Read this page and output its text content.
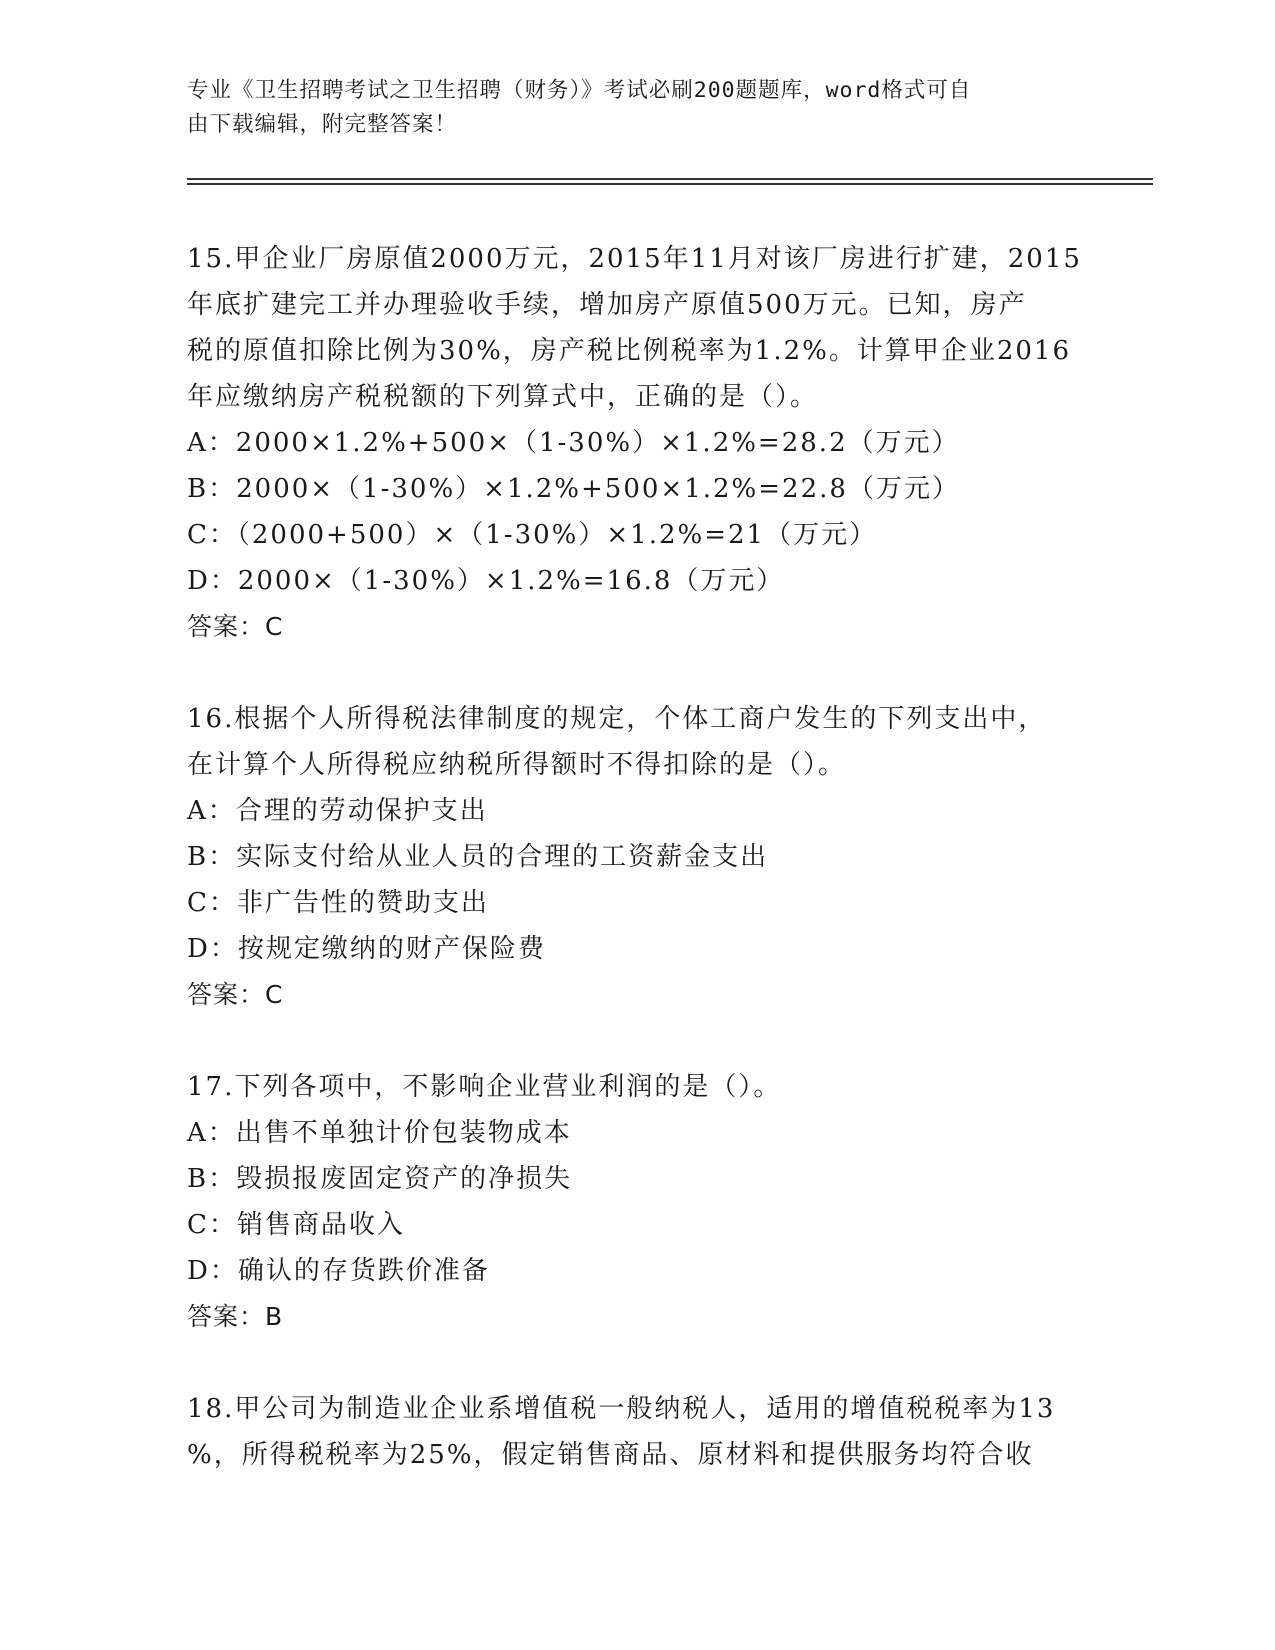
专业《卫生招聘考试之卫生招聘（财务）》考试必刷200题题库，word格式可自
由下载编辑，附完整答案！

15.甲企业厂房原值2000万元，2015年11月对该厂房进行扩建，2015

年底扩建完工并办理验收手续，增加房产原值500万元。已知，房产

税的原值扣除比例为30%，房产税比例税率为1.2%。计算甲企业2016

年应缴纳房产税税额的下列算式中，正确的是（）。

A：2000×1.2%+500×（1-30%）×1.2%=28.2（万元）

B：2000×（1-30%）×1.2%+500×1.2%=22.8（万元）

C：（2000+500）×（1-30%）×1.2%=21（万元）

D：2000×（1-30%）×1.2%=16.8（万元）

答案：C

16.根据个人所得税法律制度的规定，个体工商户发生的下列支出中，

在计算个人所得税应纳税所得额时不得扣除的是（）。

A：合理的劳动保护支出

B：实际支付给从业人员的合理的工资薪金支出

C：非广告性的赞助支出

D：按规定缴纳的财产保险费

答案：C

17.下列各项中，不影响企业营业利润的是（）。

A：出售不单独计价包装物成本

B：毁损报废固定资产的净损失

C：销售商品收入

D：确认的存货跌价准备

答案：B

18.甲公司为制造业企业系增值税一般纳税人，适用的增值税税率为13

%，所得税税率为25%，假定销售商品、原材料和提供服务均符合收
